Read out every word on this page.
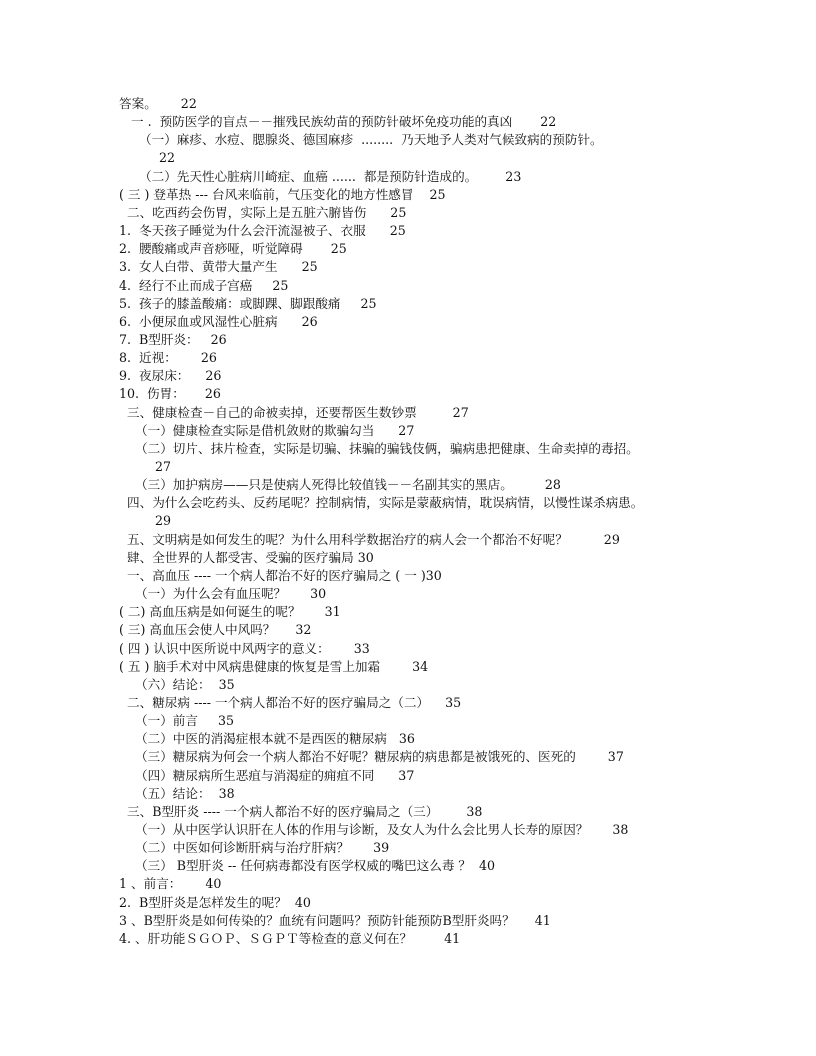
答案。      22
一 .  预防医学的盲点－－摧残民族幼苗的预防针破坏免疫功能的真凶       22
（一）麻疹、水痘、腮腺炎、德国麻疹  ........  乃天地予人类对气候致病的预防针。
22
（二）先天性心脏病川崎症、血癌 ......  都是预防针造成的。       23
( 三 ) 登革热 --- 台风来临前，气压变化的地方性感冒    25
二、吃西药会伤胃，实际上是五脏六腑皆伤      25
1.  冬天孩子睡觉为什么会汗流湿被子、衣服      25
2.  腰酸痛或声音痧哑，听觉障碍       25
3.  女人白带、黄带大量产生      25
4.  经行不止而成子宫癌     25
5.  孩子的膝盖酸痛：或脚踝、脚跟酸痛     25
6.  小便尿血或风湿性心脏病      26
7.  B型肝炎：   26
8.  近视：      26
9.  夜尿床：    26
10.  伤胃：     26
三、健康检查－自己的命被卖掉，还要帮医生数钞票         27
（一）健康检查实际是借机敛财的欺骗勾当      27
（二）切片、抹片检查，实际是切骗、抹骗的骗钱伎俩，骗病患把健康、生命卖掉的毒招。
27
（三）加护病房——只是使病人死得比较值钱－－名副其实的黑店。        28
四、为什么会吃药头、反药尾呢？控制病情，实际是蒙蔽病情，耽误病情，以慢性谋杀病患。
29
五、文明病是如何发生的呢？为什么用科学数据治疗的病人会一个都治不好呢？         29
肆、全世界的人都受害、受骗的医疗骗局 30
一、高血压 ---- 一个病人都治不好的医疗骗局之 ( 一 )30
（一）为什么会有血压呢？      30
( 二) 高血压病是如何诞生的呢？      31
( 三) 高血压会使人中风吗？     32
( 四 ) 认识中医所说中风两字的意义：      33
( 五 ) 脑手术对中风病患健康的恢复是雪上加霜        34
（六）结论：  35
二、糖尿病 ---- 一个病人都治不好的医疗骗局之（二）    35
（一）前言     35
（二）中医的消渴症根本就不是西医的糖尿病   36
（三）糖尿病为何会一个病人都治不好呢？糖尿病的病患都是被饿死的、医死的        37
（四）糖尿病所生恶疽与消渴症的痈疽不同      37
（五）结论：  38
三、B型肝炎 ---- 一个病人都治不好的医疗骗局之（三）       38
（一）从中医学认识肝在人体的作用与诊断，及女人为什么会比男人长寿的原因？      38
（二）中医如何诊断肝病与治疗肝病？      39
（三） B型肝炎 -- 任何病毒都没有医学权威的嘴巴这么毒 ？  40
1 、前言：      40
2.  B型肝炎是怎样发生的呢？  40
3 、B型肝炎是如何传染的？血统有问题吗？预防针能预防B型肝炎吗？     41
4. 、肝功能ＳＧＯＰ、ＳＧＰＴ等检查的意义何在？        41
